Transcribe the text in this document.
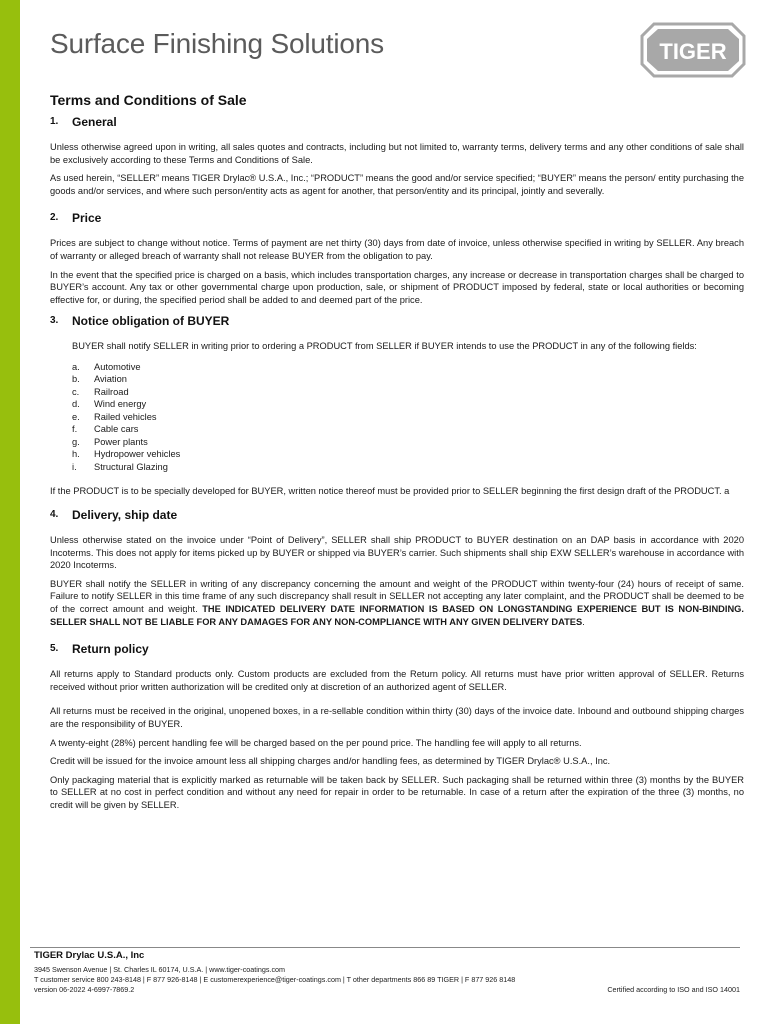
Surface Finishing Solutions	TIGER
Terms and Conditions of Sale
1.	General

Unless otherwise agreed upon in writing, all sales quotes and contracts, including but not limited to, warranty terms, delivery terms and any other conditions of sale shall be exclusively according to these Terms and Conditions of Sale.

As used herein, “SELLER” means TIGER Drylac® U.S.A., Inc.; “PRODUCT” means the good and/or service specified; “BUYER” means the person/ entity purchasing the goods and/or services, and where such person/entity acts as agent for another, that person/entity and its principal, jointly and severally.

2.	Price

Prices are subject to change without notice. Terms of payment are net thirty (30) days from date of invoice, unless otherwise specified in writing by SELLER. Any breach of warranty or alleged breach of warranty shall not release BUYER from the obligation to pay.

In the event that the specified price is charged on a basis, which includes transportation charges, any increase or decrease in transportation charges shall be charged to BUYER’s account. Any tax or other governmental charge upon production, sale, or shipment of PRODUCT imposed by federal, state or local authorities or becoming effective for, or during, the specified period shall be added to and deemed part of the price.

3.	Notice obligation of BUYER

BUYER shall notify SELLER in writing prior to ordering a PRODUCT from SELLER if BUYER intends to use the PRODUCT in any of the following fields:

a.	Automotive
b.	Aviation
c.	Railroad
d.	Wind energy
e.	Railed vehicles
f.	Cable cars
g.	Power plants
h.	Hydropower vehicles
i.	Structural Glazing

If the PRODUCT is to be specially developed for BUYER, written notice thereof must be provided prior to SELLER beginning the first design draft of the PRODUCT. a

4.	Delivery, ship date

Unless otherwise stated on the invoice under “Point of Delivery”, SELLER shall ship PRODUCT to BUYER destination on an DAP basis in accordance with 2020 Incoterms. This does not apply for items picked up by BUYER or shipped via BUYER’s carrier. Such shipments shall ship EXW SELLER’s warehouse in accordance with 2020 Incoterms.

BUYER shall notify the SELLER in writing of any discrepancy concerning the amount and weight of the PRODUCT within twenty-four (24) hours of receipt of same. Failure to notify SELLER in this time frame of any such discrepancy shall result in SELLER not accepting any later complaint, and the PRODUCT shall be deemed to be of the correct amount and weight. THE INDICATED DELIVERY DATE INFORMATION IS BASED ON LONGSTANDING EXPERIENCE BUT IS NON-BINDING. SELLER SHALL NOT BE LIABLE FOR ANY DAMAGES FOR ANY NON-COMPLIANCE WITH ANY GIVEN DELIVERY DATES.

5.	Return policy

All returns apply to Standard products only. Custom products are excluded from the Return policy. All returns must have prior written approval of SELLER. Returns received without prior written authorization will be credited only at discretion of an authorized agent of SELLER.

All returns must be received in the original, unopened boxes, in a re-sellable condition within thirty (30) days of the invoice date. Inbound and outbound shipping charges are the responsibility of BUYER.

A twenty-eight (28%) percent handling fee will be charged based on the per pound price. The handling fee will apply to all returns.

Credit will be issued for the invoice amount less all shipping charges and/or handling fees, as determined by TIGER Drylac® U.S.A., Inc.

Only packaging material that is explicitly marked as returnable will be taken back by SELLER. Such packaging shall be returned within three (3) months by the BUYER to SELLER at no cost in perfect condition and without any need for repair in order to be returnable. In case of a return after the expiration of the three (3) months, no credit will be given by SELLER.

TIGER Drylac U.S.A., Inc
3945 Swenson Avenue | St. Charles IL 60174, U.S.A. | www.tiger-coatings.com
T customer service 800 243-8148 | F 877 926-8148 | E customerexperience@tiger-coatings.com | T other departments 866 89 TIGER | F 877 926 8148
version 06-2022 4-6997-7869.2	Certified according to ISO and ISO 14001
